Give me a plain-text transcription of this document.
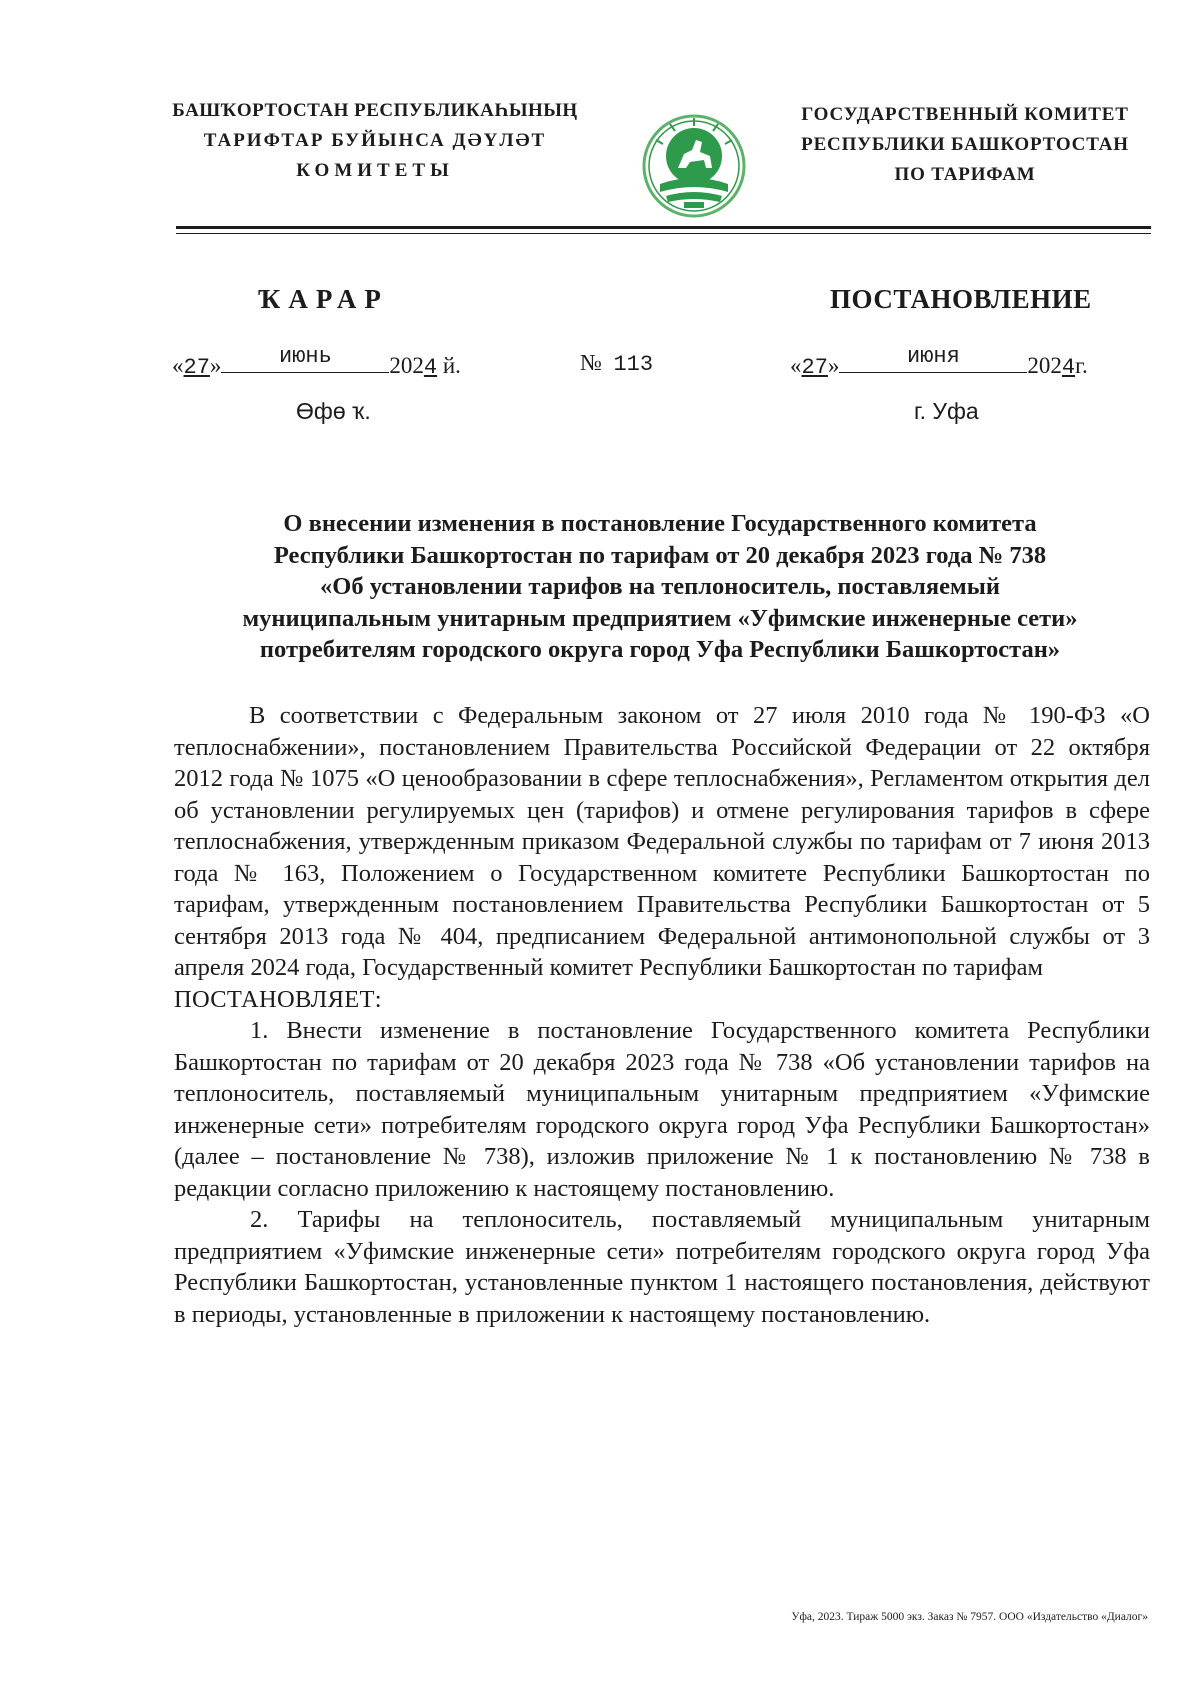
БАШҠОРТОСТАН РЕСПУБЛИКАҺЫНЫҢ
ТАРИФТАР БУЙЫНСА ДӘҮЛӘТ
КОМИТЕТЫ
ГОСУДАРСТВЕННЫЙ КОМИТЕТ
РЕСПУБЛИКИ БАШКОРТОСТАН
ПО ТАРИФАМ
ҠАРАР	ПОСТАНОВЛЕНИЕ
«27»	июнь	2024 й.	№ 113	«27»	июня	2024г.
Өфө ҡ.	г. Уфа
О внесении изменения в постановление Государственного комитета
Республики Башкортостан по тарифам от 20 декабря 2023 года № 738
«Об установлении тарифов на теплоноситель, поставляемый
муниципальным унитарным предприятием «Уфимские инженерные сети»
потребителям городского округа город Уфа Республики Башкортостан»

В соответствии с Федеральным законом от 27 июля 2010 года № 190-ФЗ «О теплоснабжении», постановлением Правительства Российской Федерации от 22 октября 2012 года № 1075 «О ценообразовании в сфере теплоснабжения», Регламентом открытия дел об установлении регулируемых цен (тарифов) и отмене регулирования тарифов в сфере теплоснабжения, утвержденным приказом Федеральной службы по тарифам от 7 июня 2013 года № 163, Положением о Государственном комитете Республики Башкортостан по тарифам, утвержденным постановлением Правительства Республики Башкортостан от 5 сентября 2013 года № 404, предписанием Федеральной антимонопольной службы от 3 апреля 2024 года, Государственный комитет Республики Башкортостан по тарифам

ПОСТАНОВЛЯЕТ:

1. Внести изменение в постановление Государственного комитета Республики Башкортостан по тарифам от 20 декабря 2023 года № 738 «Об установлении тарифов на теплоноситель, поставляемый муниципальным унитарным предприятием «Уфимские инженерные сети» потребителям городского округа город Уфа Республики Башкортостан» (далее – постановление № 738), изложив приложение № 1 к постановлению № 738 в редакции согласно приложению к настоящему постановлению.

2. Тарифы на теплоноситель, поставляемый муниципальным унитарным предприятием «Уфимские инженерные сети» потребителям городского округа город Уфа Республики Башкортостан, установленные пунктом 1 настоящего постановления, действуют в периоды, установленные в приложении к настоящему постановлению.

Уфа, 2023. Тираж 5000 экз. Заказ № 7957. ООО «Издательство «Диалог»
